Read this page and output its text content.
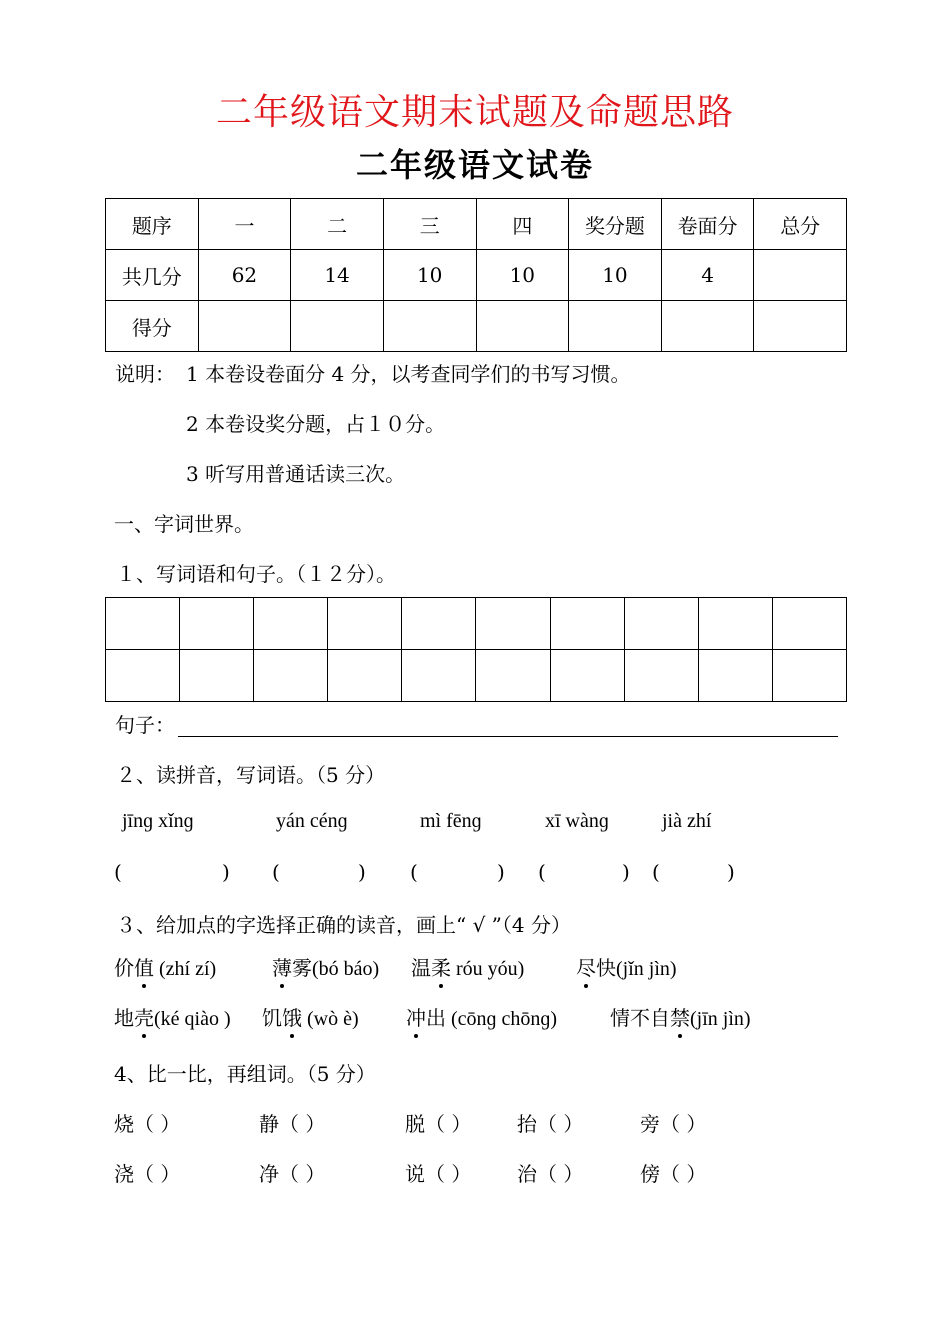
二年级语文期末试题及命题思路
二年级语文试卷
题序	一	二	三	四	奖分题	卷面分	总分
共几分	62	14	10	10	10	4	
得分							
说明： 1 本卷设卷面分 4 分，以考查同学们的书写习惯。
2 本卷设奖分题，占１０分。
3 听写用普通话读三次。
一、字词世界。
１、写词语和句子。（１２分）。

句子：
２、读拼音，写词语。（5 分）
jīnɡ xǐnɡ	yán cénɡ	mì fēnɡ	xī wànɡ	jià zhí
(	) (	) (	) (	) (	)
３、给加点的字选择正确的读音，画上“ √ ”（4 分）
价值 (zhí zí)	薄雾(bó báo) 温柔 róu yóu)	尽快(jǐn jìn)
地壳(ké qiào ) 饥饿 (wò è) 冲出 (cōnɡ chōnɡ)	情不自禁(jīn jìn)
4、比一比，再组词。（5 分）
烧（ ）	静（ ）	脱（ ） 抬（ ）	旁（ ）
浇（ ）	净（ ）	说（ ） 治（ ）	傍（ ）
